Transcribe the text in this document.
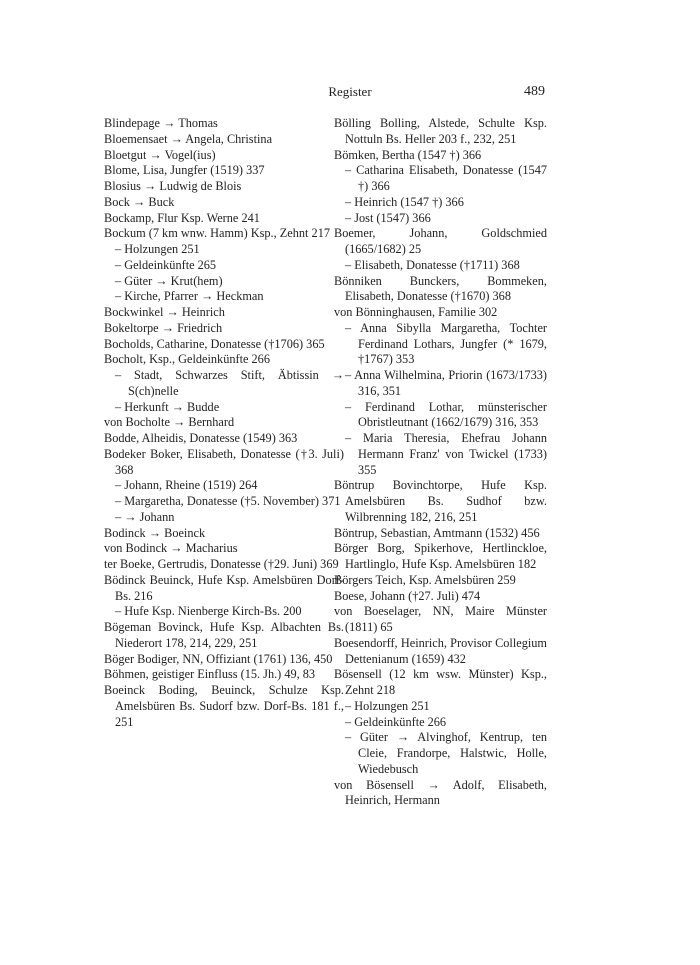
Register	489

Blindepage → Thomas

Bloemensaet → Angela, Christina

Bloetgut → Vogel(ius)

Blome, Lisa, Jungfer (1519) 337

Blosius → Ludwig de Blois

Bock → Buck

Bockamp, Flur Ksp. Werne 241

Bockum (7 km wnw. Hamm) Ksp., Zehnt 217

– Holzungen 251

– Geldeinkünfte 265

– Güter → Krut(hem)

– Kirche, Pfarrer → Heckman

Bockwinkel → Heinrich

Bokeltorpe → Friedrich

Bocholds, Catharine, Donatesse (†1706) 365

Bocholt, Ksp., Geldeinkünfte 266

– Stadt, Schwarzes Stift, Äbtissin → S(ch)nelle

– Herkunft → Budde

von Bocholte → Bernhard

Bodde, Alheidis, Donatesse (1549) 363

Bodeker Boker, Elisabeth, Donatesse (†3. Juli) 368

– Johann, Rheine (1519) 264

– Margaretha, Donatesse (†5. November) 371

– → Johann

Bodinck → Boeinck

von Bodinck → Macharius

ter Boeke, Gertrudis, Donatesse (†29. Juni) 369

Bödinck Beuinck, Hufe Ksp. Amelsbüren Dorf-Bs. 216

– Hufe Ksp. Nienberge Kirch-Bs. 200

Bögeman Bovinck, Hufe Ksp. Albachten Bs. Niederort 178, 214, 229, 251

Böger Bodiger, NN, Offiziant (1761) 136, 450

Böhmen, geistiger Einfluss (15. Jh.) 49, 83

Boeinck Boding, Beuinck, Schulze Ksp. Amelsbüren Bs. Sudorf bzw. Dorf-Bs. 181 f., 251

Bölling Bolling, Alstede, Schulte Ksp. Nottuln Bs. Heller 203 f., 232, 251

Bömken, Bertha (1547 †) 366

– Catharina Elisabeth, Donatesse (1547 †) 366

– Heinrich (1547 †) 366

– Jost (1547) 366

Boemer, Johann, Goldschmied (1665/1682) 25

– Elisabeth, Donatesse (†1711) 368

Bönniken Bunckers, Bommeken, Elisabeth, Donatesse (†1670) 368

von Bönninghausen, Familie 302

– Anna Sibylla Margaretha, Tochter Ferdinand Lothars, Jungfer (* 1679, †1767) 353

– Anna Wilhelmina, Priorin (1673/1733) 316, 351

– Ferdinand Lothar, münsterischer Obristleutnant (1662/1679) 316, 353

– Maria Theresia, Ehefrau Johann Hermann Franz' von Twickel (1733) 355

Böntrup Bovinchtorpe, Hufe Ksp. Amelsbüren Bs. Sudhof bzw. Wilbrenning 182, 216, 251

Böntrup, Sebastian, Amtmann (1532) 456

Börger Borg, Spikerhove, Hertlinckloe, Hartlinglo, Hufe Ksp. Amelsbüren 182

Börgers Teich, Ksp. Amelsbüren 259

Boese, Johann (†27. Juli) 474

von Boeselager, NN, Maire Münster (1811) 65

Boesendorff, Heinrich, Provisor Collegium Dettenianum (1659) 432

Bösensell (12 km wsw. Münster) Ksp., Zehnt 218

– Holzungen 251

– Geldeinkünfte 266

– Güter → Alvinghof, Kentrup, ten Cleie, Frandorpe, Halstwic, Holle, Wiedebusch

von Bösensell → Adolf, Elisabeth, Heinrich, Hermann
